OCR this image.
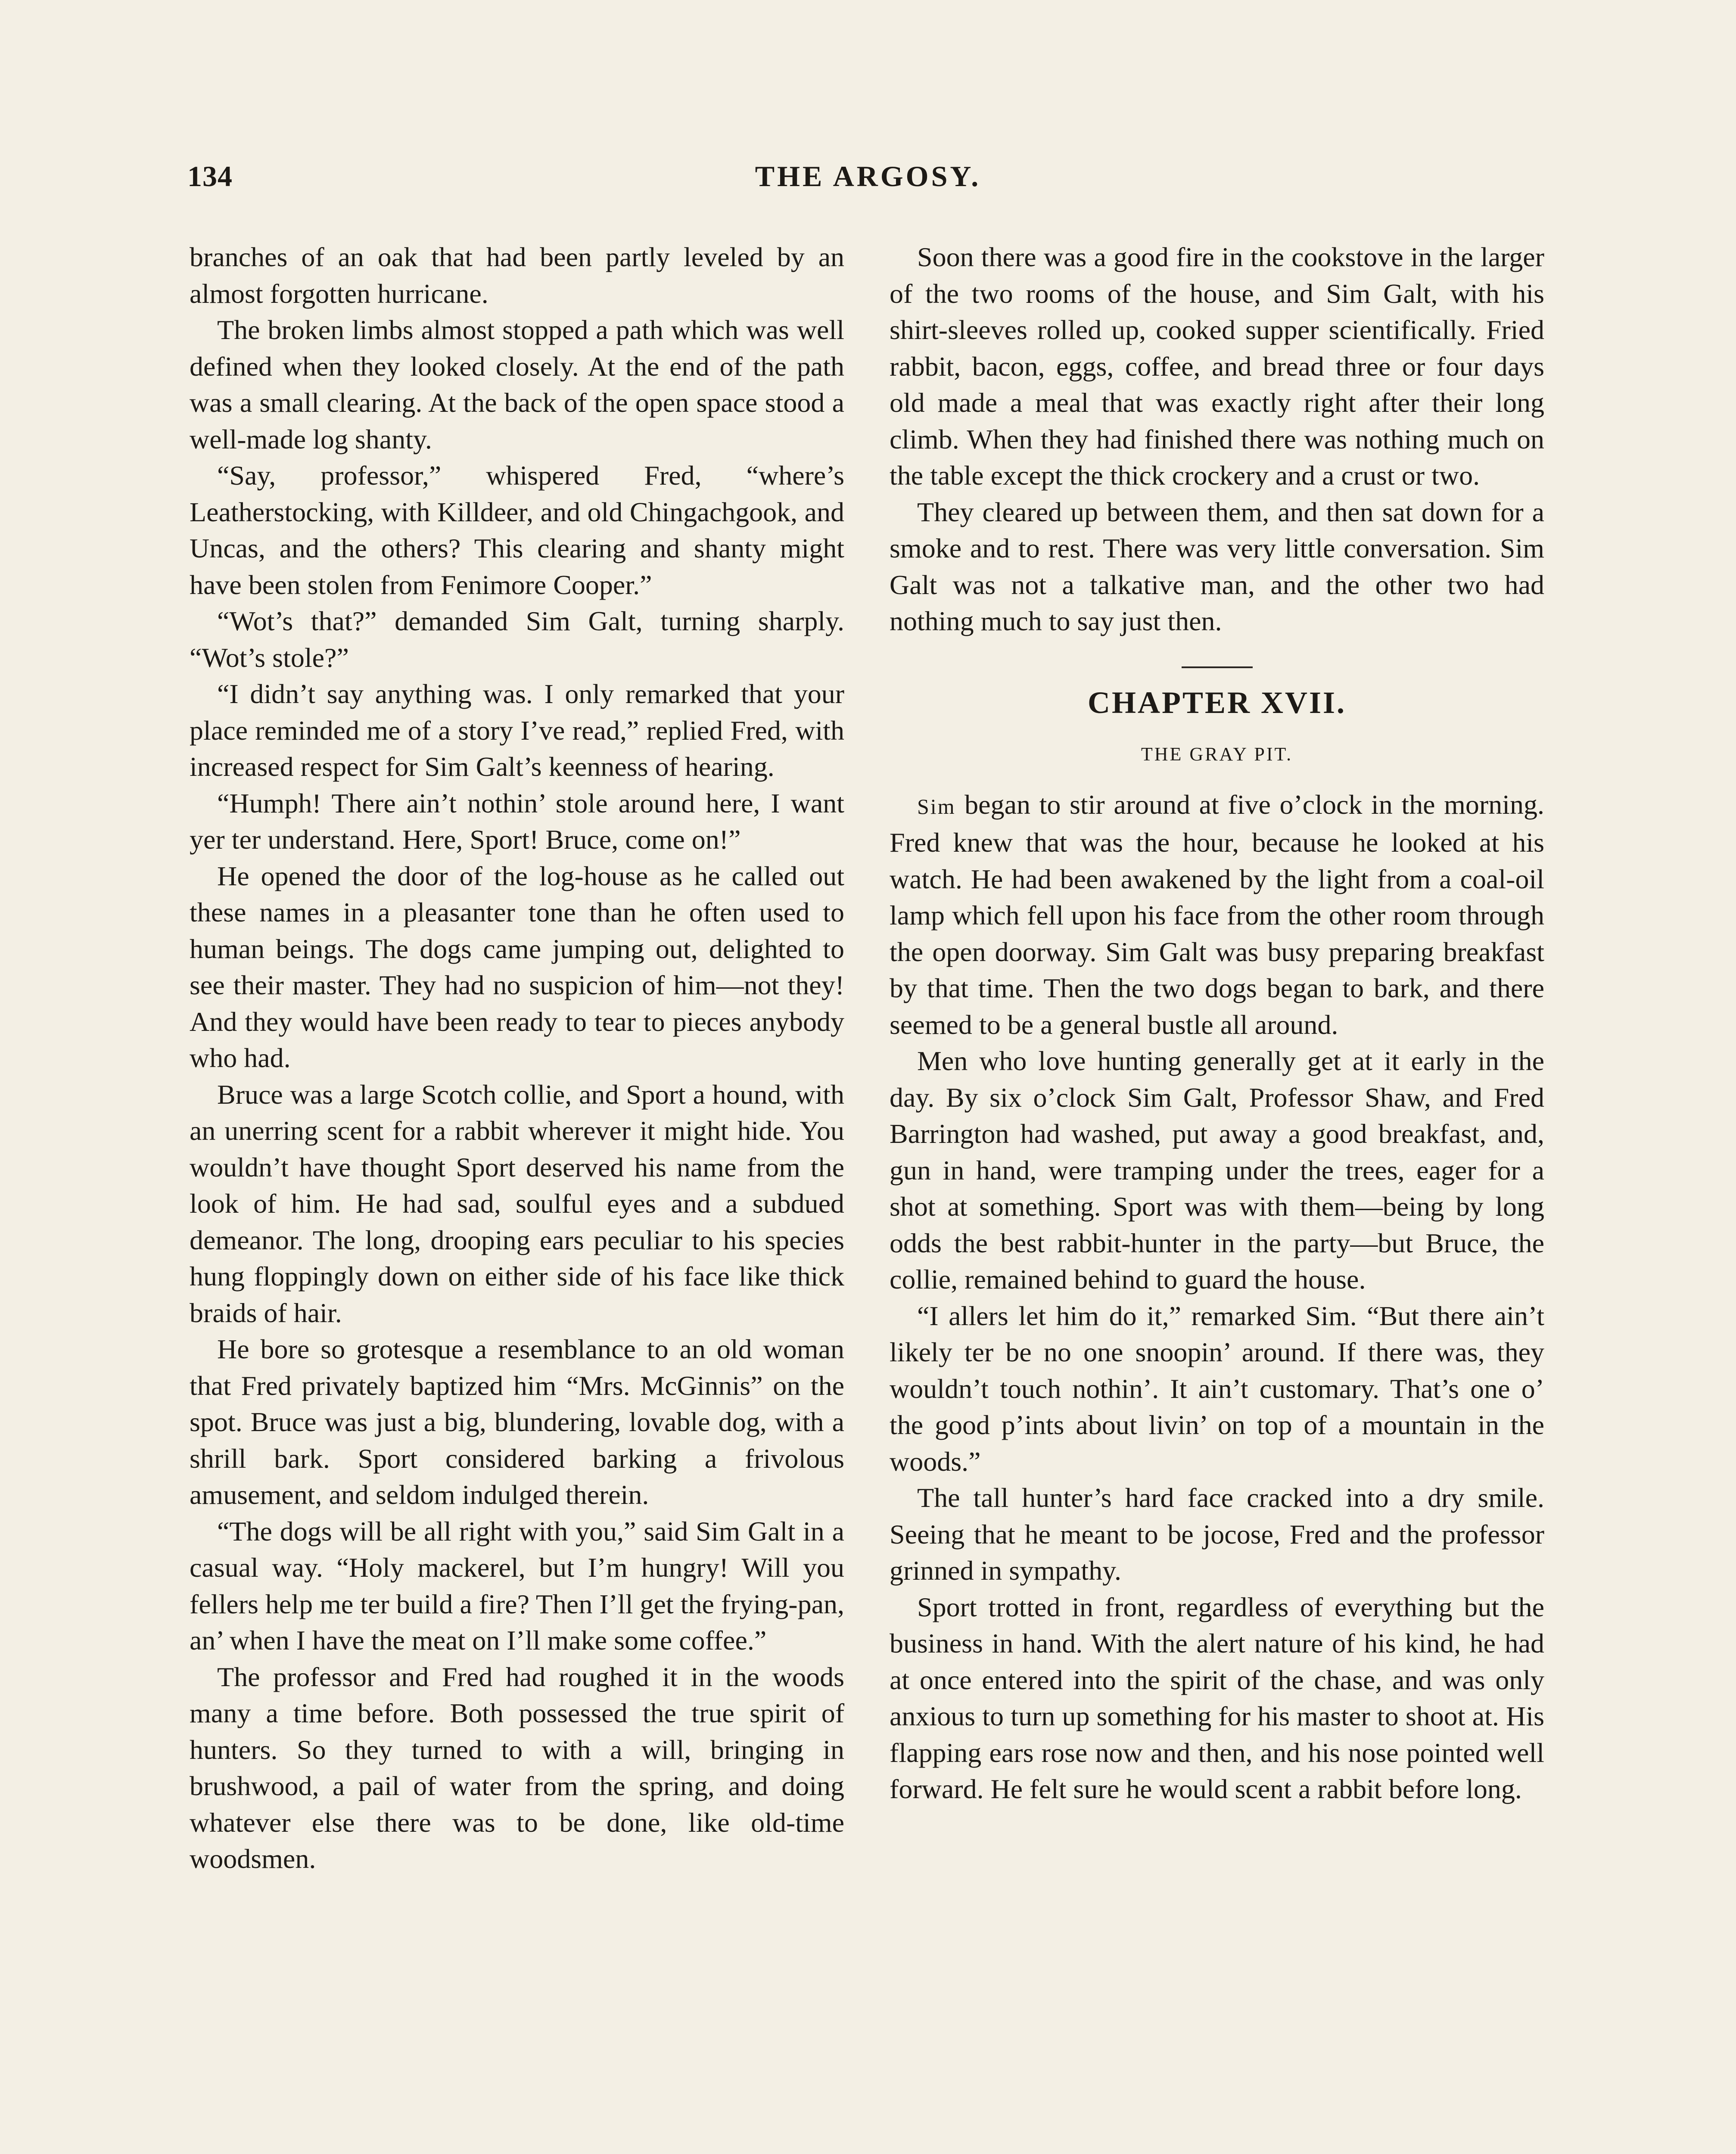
134	THE ARGOSY.

branches of an oak that had been partly leveled by an almost forgotten hurricane.

The broken limbs almost stopped a path which was well defined when they looked closely. At the end of the path was a small clearing. At the back of the open space stood a well-made log shanty.

“Say, professor,” whispered Fred, “where’s Leatherstocking, with Killdeer, and old Chingachgook, and Uncas, and the others? This clearing and shanty might have been stolen from Fenimore Cooper.”

“Wot’s that?” demanded Sim Galt, turning sharply. “Wot’s stole?”

“I didn’t say anything was. I only remarked that your place reminded me of a story I’ve read,” replied Fred, with increased respect for Sim Galt’s keenness of hearing.

“Humph! There ain’t nothin’ stole around here, I want yer ter understand. Here, Sport! Bruce, come on!”

He opened the door of the log-house as he called out these names in a pleasanter tone than he often used to human beings. The dogs came jumping out, delighted to see their master. They had no suspicion of him—not they! And they would have been ready to tear to pieces anybody who had.

Bruce was a large Scotch collie, and Sport a hound, with an unerring scent for a rabbit wherever it might hide. You wouldn’t have thought Sport deserved his name from the look of him. He had sad, soulful eyes and a subdued demeanor. The long, drooping ears peculiar to his species hung floppingly down on either side of his face like thick braids of hair.

He bore so grotesque a resemblance to an old woman that Fred privately baptized him “Mrs. McGinnis” on the spot. Bruce was just a big, blundering, lovable dog, with a shrill bark. Sport considered barking a frivolous amusement, and seldom indulged therein.

“The dogs will be all right with you,” said Sim Galt in a casual way. “Holy mackerel, but I’m hungry! Will you fellers help me ter build a fire? Then I’ll get the frying-pan, an’ when I have the meat on I’ll make some coffee.”

The professor and Fred had roughed it in the woods many a time before. Both possessed the true spirit of hunters. So they turned to with a will, bringing in brushwood, a pail of water from the spring, and doing whatever else there was to be done, like old-time woodsmen.

Soon there was a good fire in the cookstove in the larger of the two rooms of the house, and Sim Galt, with his shirt-sleeves rolled up, cooked supper scientifically. Fried rabbit, bacon, eggs, coffee, and bread three or four days old made a meal that was exactly right after their long climb. When they had finished there was nothing much on the table except the thick crockery and a crust or two.

They cleared up between them, and then sat down for a smoke and to rest. There was very little conversation. Sim Galt was not a talkative man, and the other two had nothing much to say just then.

CHAPTER XVII.
THE GRAY PIT.

Sim began to stir around at five o’clock in the morning. Fred knew that was the hour, because he looked at his watch. He had been awakened by the light from a coal-oil lamp which fell upon his face from the other room through the open doorway. Sim Galt was busy preparing breakfast by that time. Then the two dogs began to bark, and there seemed to be a general bustle all around.

Men who love hunting generally get at it early in the day. By six o’clock Sim Galt, Professor Shaw, and Fred Barrington had washed, put away a good breakfast, and, gun in hand, were tramping under the trees, eager for a shot at something. Sport was with them—being by long odds the best rabbit-hunter in the party—but Bruce, the collie, remained behind to guard the house.

“I allers let him do it,” remarked Sim. “But there ain’t likely ter be no one snoopin’ around. If there was, they wouldn’t touch nothin’. It ain’t customary. That’s one o’ the good p’ints about livin’ on top of a mountain in the woods.”

The tall hunter’s hard face cracked into a dry smile. Seeing that he meant to be jocose, Fred and the professor grinned in sympathy.

Sport trotted in front, regardless of everything but the business in hand. With the alert nature of his kind, he had at once entered into the spirit of the chase, and was only anxious to turn up something for his master to shoot at. His flapping ears rose now and then, and his nose pointed well forward. He felt sure he would scent a rabbit before long.
